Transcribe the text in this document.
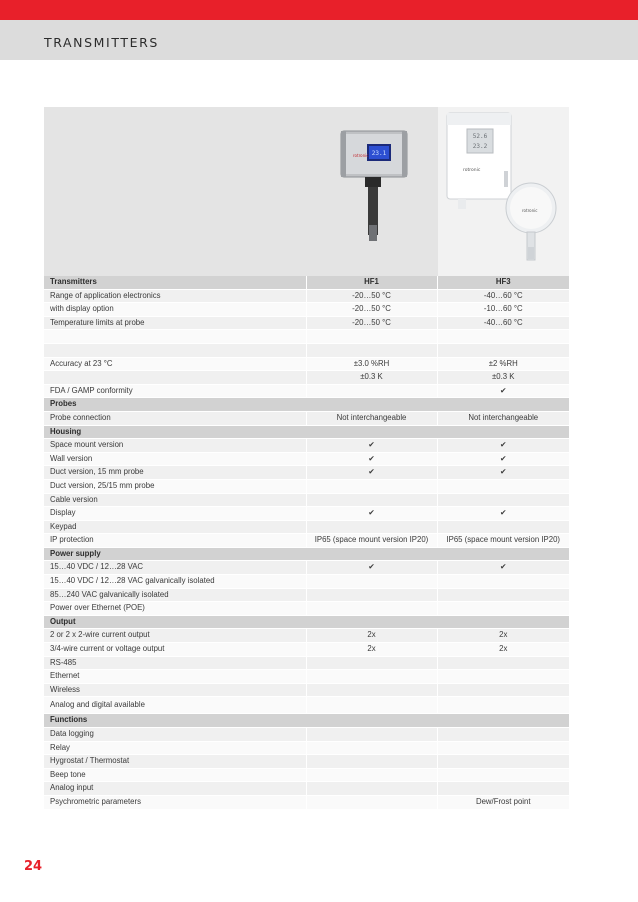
TRANSMITTERS
23.1
rotronic
52.6
23.2
rotronic
rotronic
Transmitters	HF1	HF3
Range of application electronics	-20…50 °C	-40…60 °C
with display option	-20…50 °C	-10…60 °C
Temperature limits at probe	-20…50 °C	-40…60 °C

Accuracy at 23 °C	±3.0 %RH	±2 %RH
	±0.3 K	±0.3 K
FDA / GAMP conformity		✔
Probes		
Probe connection	Not interchangeable	Not interchangeable
Housing		
Space mount version	✔	✔
Wall version	✔	✔
Duct version, 15 mm probe	✔	✔
Duct version, 25/15 mm probe		
Cable version		
Display	✔	✔
Keypad		
IP protection	IP65 (space mount version IP20)	IP65 (space mount version IP20)
Power supply		
15…40 VDC / 12…28 VAC	✔	✔
15…40 VDC / 12…28 VAC galvanically isolated		
85…240 VAC galvanically isolated		
Power over Ethernet (POE)		
Output		
2 or 2 x 2-wire current output	2x	2x
3/4-wire current or voltage output	2x	2x
RS-485		
Ethernet		
Wireless		
Analog and digital available		
Functions		
Data logging		
Relay		
Hygrostat / Thermostat		
Beep tone		
Analog input		
Psychrometric parameters		Dew/Frost point
24
